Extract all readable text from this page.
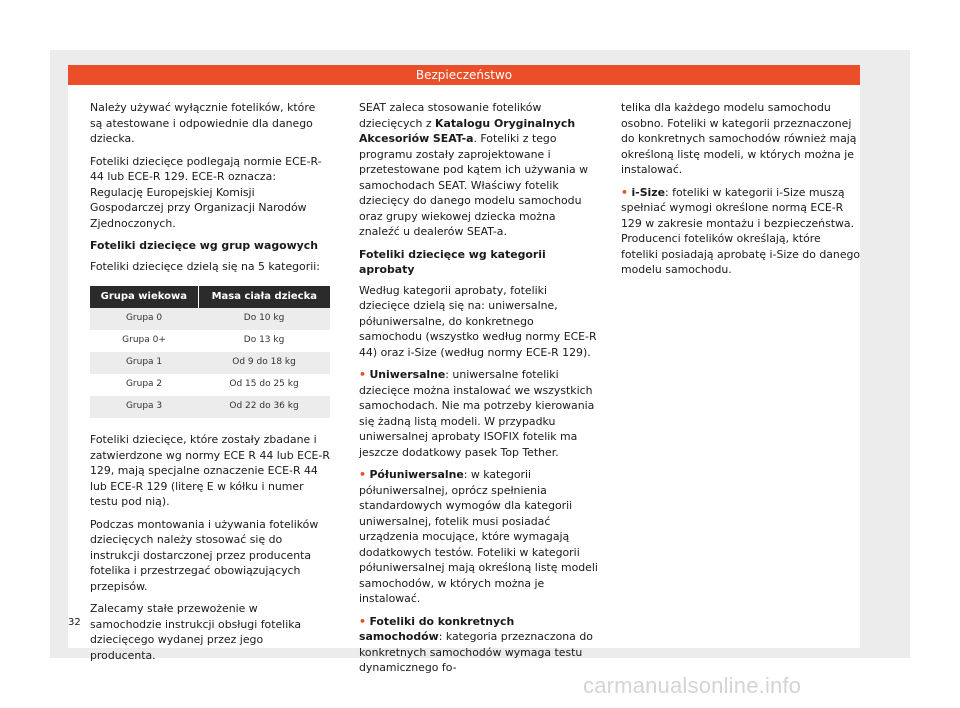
Bezpieczeństwo

Należy używać wyłącznie fotelików, które są atestowane i odpowiednie dla danego dziecka.

Foteliki dziecięce podlegają normie ECE-R-44 lub ECE-R 129. ECE-R oznacza: Regulację Europejskiej Komisji Gospodarczej przy Organizacji Narodów Zjednoczonych.

Foteliki dziecięce wg grup wagowych

Foteliki dziecięce dzielą się na 5 kategorii:

Grupa wiekowa	Masa ciała dziecka
Grupa 0	Do 10 kg
Grupa 0+	Do 13 kg
Grupa 1	Od 9 do 18 kg
Grupa 2	Od 15 do 25 kg
Grupa 3	Od 22 do 36 kg

Foteliki dziecięce, które zostały zbadane i zatwierdzone wg normy ECE R 44 lub ECE-R 129, mają specjalne oznaczenie ECE-R 44 lub ECE-R 129 (literę E w kółku i numer testu pod nią).

Podczas montowania i używania fotelików dziecięcych należy stosować się do instrukcji dostarczonej przez producenta fotelika i przestrzegać obowiązujących przepisów.

Zalecamy stałe przewożenie w samochodzie instrukcji obsługi fotelika dziecięcego wydanej przez jego producenta.

SEAT zaleca stosowanie fotelików dziecięcych z Katalogu Oryginalnych Akcesoriów SEAT-a. Foteliki z tego programu zostały zaprojektowane i przetestowane pod kątem ich używania w samochodach SEAT. Właściwy fotelik dziecięcy do danego modelu samochodu oraz grupy wiekowej dziecka można znaleźć u dealerów SEAT-a.

Foteliki dziecięce wg kategorii aprobaty

Według kategorii aprobaty, foteliki dziecięce dzielą się na: uniwersalne, półuniwersalne, do konkretnego samochodu (wszystko według normy ECE-R 44) oraz i-Size (według normy ECE-R 129).

• Uniwersalne: uniwersalne foteliki dziecięce można instalować we wszystkich samochodach. Nie ma potrzeby kierowania się żadną listą modeli. W przypadku uniwersalnej aprobaty ISOFIX fotelik ma jeszcze dodatkowy pasek Top Tether.

• Półuniwersalne: w kategorii półuniwersalnej, oprócz spełnienia standardowych wymogów dla kategorii uniwersalnej, fotelik musi posiadać urządzenia mocujące, które wymagają dodatkowych testów. Foteliki w kategorii półuniwersalnej mają określoną listę modeli samochodów, w których można je instalować.

• Foteliki do konkretnych samochodów: kategoria przeznaczona do konkretnych samochodów wymaga testu dynamicznego fo-

telika dla każdego modelu samochodu osobno. Foteliki w kategorii przeznaczonej do konkretnych samochodów również mają określoną listę modeli, w których można je instalować.

• i-Size: foteliki w kategorii i-Size muszą spełniać wymogi określone normą ECE-R 129 w zakresie montażu i bezpieczeństwa. Producenci fotelików określają, które foteliki posiadają aprobatę i-Size do danego modelu samochodu.

32
carmanualsonline.info
